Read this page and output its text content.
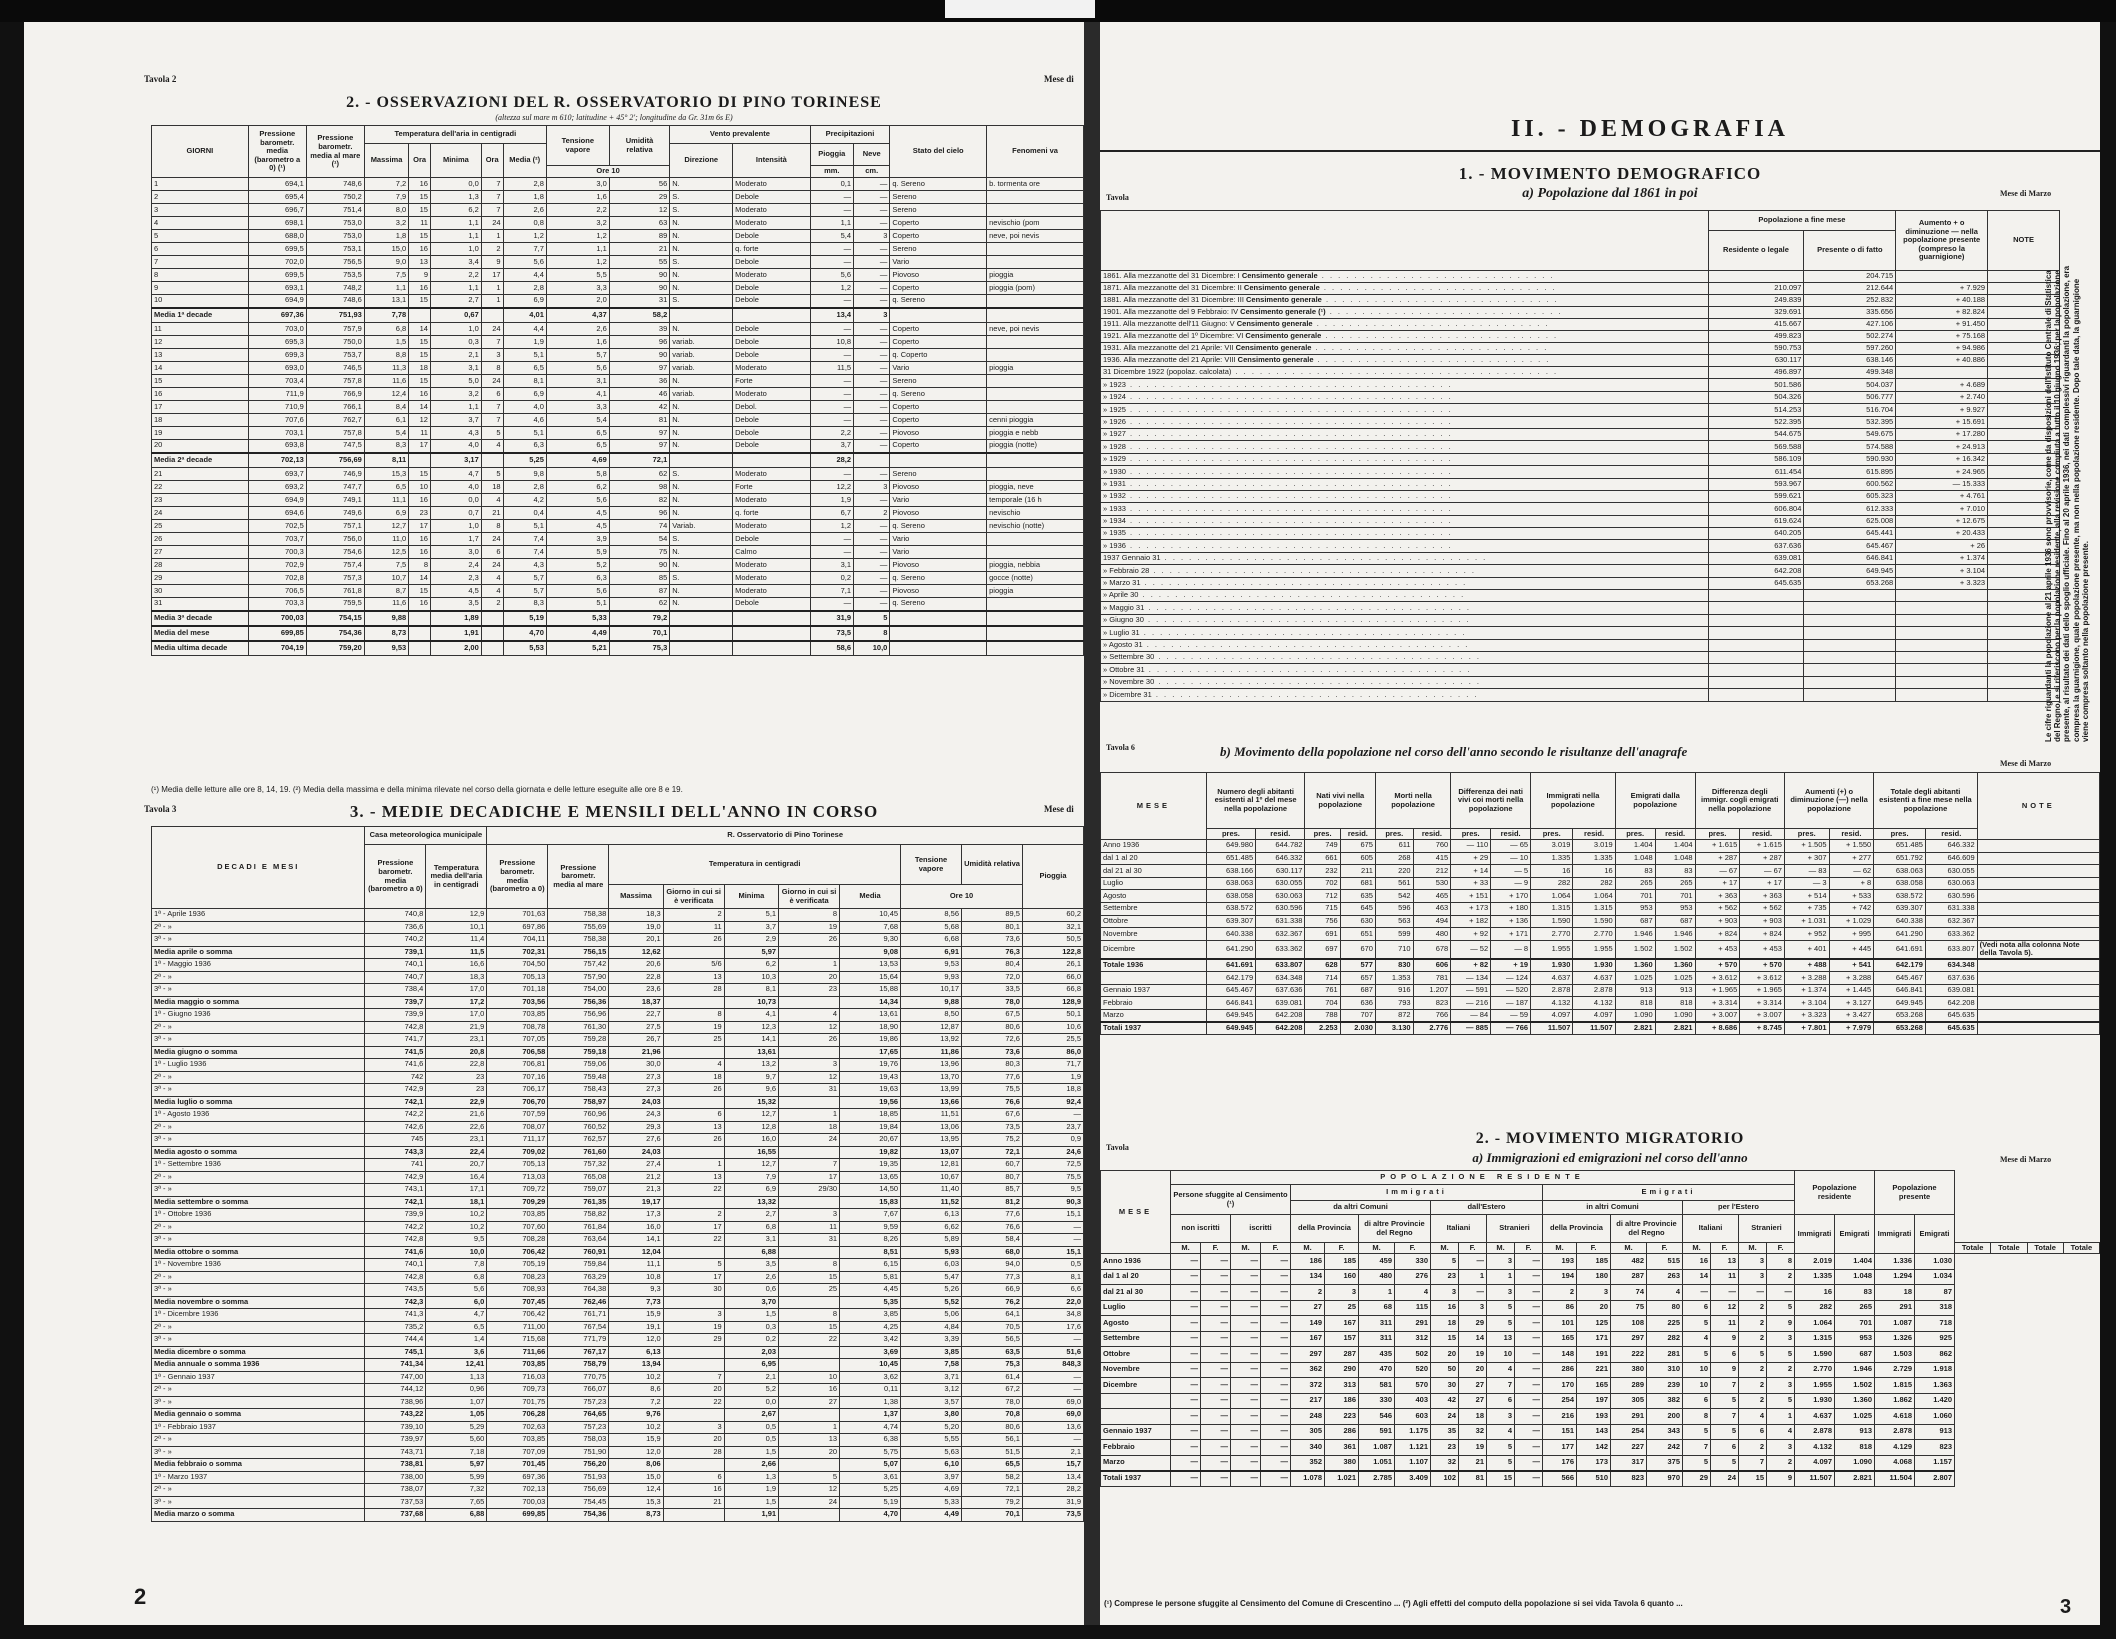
Tavola 2	Mese di
2. - OSSERVAZIONI DEL R. OSSERVATORIO DI PINO TORINESE
(altezza sul mare m 610; latitudine + 45° 2'; longitudine da Gr. 31m 6s E)
GIORNI	Pressione barometr. media (barometro a 0) (¹)	Pressione barometr. media al mare (¹)	Temperatura dell'aria in centigradi					Tensione vapore	Umidità relativa	Vento prevalente		Precipitazioni		Stato del cielo	Fenomeni va
			Massima	Ora	Minima	Ora	Media (²)			Direzione	Intensità	Pioggia	Neve		
								Ore 10				mm.	cm.		
1	694,1	748,6	7,2	16	0,0	7	2,8	3,0	56	N.	Moderato	0,1	—	q. Sereno	b. tormenta ore
2	695,4	750,2	7,9	15	1,3	7	1,8	1,6	29	S.	Debole	—	—	Sereno	
3	696,7	751,4	8,0	15	6,2	7	2,6	2,2	12	S.	Moderato	—	—	Sereno	
4	698,1	753,0	3,2	11	1,1	24	0,8	3,2	63	N.	Moderato	1,1	—	Coperto	nevischio (pom
5	688,0	753,0	1,8	15	1,1	1	1,2	1,2	89	N.	Debole	5,4	3	Coperto	neve, poi nevis
6	699,5	753,1	15,0	16	1,0	2	7,7	1,1	21	N.	q. forte	—	—	Sereno	
7	702,0	756,5	9,0	13	3,4	9	5,6	1,2	55	S.	Debole	—	—	Vario	
8	699,5	753,5	7,5	9	2,2	17	4,4	5,5	90	N.	Moderato	5,6	—	Piovoso	pioggia
9	693,1	748,2	1,1	16	1,1	1	2,8	3,3	90	N.	Debole	1,2	—	Coperto	pioggia (pom)
10	694,9	748,6	13,1	15	2,7	1	6,9	2,0	31	S.	Debole	—	—	q. Sereno	
Media 1ª decade	697,36	751,93	7,78		0,67		4,01	4,37	58,2			13,4	3		
11	703,0	757,9	6,8	14	1,0	24	4,4	2,6	39	N.	Debole	—	—	Coperto	neve, poi nevis
12	695,3	750,0	1,5	15	0,3	7	1,9	1,6	96	variab.	Debole	10,8	—	Coperto	
13	699,3	753,7	8,8	15	2,1	3	5,1	5,7	90	variab.	Debole	—	—	q. Coperto	
14	693,0	746,5	11,3	18	3,1	8	6,5	5,6	97	variab.	Moderato	11,5	—	Vario	pioggia
15	703,4	757,8	11,6	15	5,0	24	8,1	3,1	36	N.	Forte	—	—	Sereno	
16	711,9	766,9	12,4	16	3,2	6	6,9	4,1	46	variab.	Moderato	—	—	q. Sereno	
17	710,9	766,1	8,4	14	1,1	7	4,0	3,3	42	N.	Debol.	—	—	Coperto	
18	707,6	762,7	6,1	12	3,7	7	4,6	5,4	81	N.	Debole	—	—	Coperto	cenni pioggia
19	703,1	757,8	5,4	11	4,3	5	5,1	6,5	97	N.	Debole	2,2	—	Piovoso	pioggia e nebb
20	693,8	747,5	8,3	17	4,0	4	6,3	6,5	97	N.	Debole	3,7	—	Coperto	pioggia (notte)
Media 2ª decade	702,13	756,69	8,11		3,17		5,25	4,69	72,1			28,2			
21	693,7	746,9	15,3	15	4,7	5	9,8	5,8	62	S.	Moderato	—	—	Sereno	
22	693,2	747,7	6,5	10	4,0	18	2,8	6,2	98	N.	Forte	12,2	3	Piovoso	pioggia, neve
23	694,9	749,1	11,1	16	0,0	4	4,2	5,6	82	N.	Moderato	1,9	—	Vario	temporale (16 h
24	694,6	749,6	6,9	23	0,7	21	0,4	4,5	96	N.	q. forte	6,7	2	Piovoso	nevischio
25	702,5	757,1	12,7	17	1,0	8	5,1	4,5	74	Variab.	Moderato	1,2	—	q. Sereno	nevischio (notte)
26	703,7	756,0	11,0	16	1,7	24	7,4	3,9	54	S.	Debole	—	—	Vario	
27	700,3	754,6	12,5	16	3,0	6	7,4	5,9	75	N.	Calmo	—	—	Vario	
28	702,9	757,4	7,5	8	2,4	24	4,3	5,2	90	N.	Moderato	3,1	—	Piovoso	pioggia, nebbia
29	702,8	757,3	10,7	14	2,3	4	5,7	6,3	85	S.	Moderato	0,2	—	q. Sereno	gocce (notte)
30	706,5	761,8	8,7	15	4,5	4	5,7	5,6	87	N.	Moderato	7,1	—	Piovoso	pioggia
31	703,3	759,5	11,6	16	3,5	2	8,3	5,1	62	N.	Debole	—	—	q. Sereno	
Media 3ª decade	700,03	754,15	9,88		1,89		5,19	5,33	79,2			31,9	5		
Media del mese	699,85	754,36	8,73		1,91		4,70	4,49	70,1			73,5	8		
Media ultima decade	704,19	759,20	9,53		2,00		5,53	5,21	75,3			58,6	10,0		
(¹) Media delle letture alle ore 8, 14, 19. (²) Media della massima e della minima rilevate nel corso della giornata e delle letture eseguite alle ore 8 e 19.
Tavola 3	Mese di
3. - MEDIE DECADICHE E MENSILI DELL'ANNO IN CORSO
DECADI E MESI	Casa meteorologica municipale		R. Osservatorio di Pino Torinese									
	Pressione barometr. media (barometro a 0)	Temperatura media dell'aria in centigradi	Pressione barometr. media (barometro a 0)	Pressione barometr. media al mare	Temperatura in centigradi					Tensione vapore	Umidità relativa	Pioggia
					Massima	Giorno in cui si è verificata	Minima	Giorno in cui si è verificata	Media	Ore 10		
1ª - Aprile 1936	740,8	12,9	701,63	758,38	18,3	2	5,1	8	10,45	8,56	89,5	60,2
2ª - »	736,6	10,1	697,86	755,69	19,0	11	3,7	19	7,68	5,68	80,1	32,1
3ª - »	740,2	11,4	704,11	758,38	20,1	26	2,9	26	9,30	6,68	73,6	50,5
Media aprile o somma	739,1	11,5	702,31	756,15	12,62		5,97		9,08	6,91	76,3	122,8
1ª - Maggio 1936	740,1	16,6	704,50	757,42	20,6	5/6	6,2	1	13,53	9,53	80,4	26,1
2ª - »	740,7	18,3	705,13	757,90	22,8	13	10,3	20	15,64	9,93	72,0	66,0
3ª - »	738,4	17,0	701,18	754,00	23,6	28	8,1	23	15,88	10,17	33,5	66,8
Media maggio o somma	739,7	17,2	703,56	756,36	18,37		10,73		14,34	9,88	78,0	128,9
1ª - Giugno 1936	739,9	17,0	703,85	756,96	22,7	8	4,1	4	13,61	8,50	67,5	50,1
2ª - »	742,8	21,9	708,78	761,30	27,5	19	12,3	12	18,90	12,87	80,6	10,6
3ª - »	741,7	23,1	707,05	759,28	26,7	25	14,1	26	19,86	13,92	72,6	25,5
Media giugno o somma	741,5	20,8	706,58	759,18	21,96		13,61		17,65	11,86	73,6	86,0
1ª - Luglio 1936	741,6	22,8	706,81	759,06	30,0	4	13,2	3	19,76	13,96	80,3	71,7
2ª - »	742	23	707,16	759,48	27,3	18	9,7	12	19,43	13,70	77,6	1,9
3ª - »	742,9	23	706,17	758,43	27,3	26	9,6	31	19,63	13,99	75,5	18,8
Media luglio o somma	742,1	22,9	706,70	758,97	24,03		15,32		19,56	13,66	76,6	92,4
1ª - Agosto 1936	742,2	21,6	707,59	760,96	24,3	6	12,7	1	18,85	11,51	67,6	—
2ª - »	742,6	22,6	708,07	760,52	29,3	13	12,8	18	19,84	13,06	73,5	23,7
3ª - »	745	23,1	711,17	762,57	27,6	26	16,0	24	20,67	13,95	75,2	0,9
Media agosto o somma	743,3	22,4	709,02	761,60	24,03		16,55		19,82	13,07	72,1	24,6
1ª - Settembre 1936	741	20,7	705,13	757,32	27,4	1	12,7	7	19,35	12,81	60,7	72,5
2ª - »	742,9	16,4	713,03	765,08	21,2	13	7,9	17	13,65	10,67	80,7	75,5
3ª - »	743,1	17,1	709,72	759,07	21,3	22	6,9	29/30	14,50	11,40	85,7	9,5
Media settembre o somma	742,1	18,1	709,29	761,35	19,17		13,32		15,83	11,52	81,2	90,3
1ª - Ottobre 1936	739,9	10,2	703,85	758,82	17,3	2	2,7	3	7,67	6,13	77,6	15,1
2ª - »	742,2	10,2	707,60	761,84	16,0	17	6,8	11	9,59	6,62	76,6	—
3ª - »	742,8	9,5	708,28	763,64	14,1	22	3,1	31	8,26	5,89	58,4	—
Media ottobre o somma	741,6	10,0	706,42	760,91	12,04		6,88		8,51	5,93	68,0	15,1
1ª - Novembre 1936	740,1	7,8	705,19	759,84	11,1	5	3,5	8	6,15	6,03	94,0	0,5
2ª - »	742,8	6,8	708,23	763,29	10,8	17	2,6	15	5,81	5,47	77,3	8,1
3ª - »	743,5	5,6	708,93	764,38	9,3	30	0,6	25	4,45	5,26	66,9	6,6
Media novembre o somma	742,3	6,0	707,45	762,46	7,73		3,70		5,35	5,52	76,2	22,0
1ª - Dicembre 1936	741,3	4,7	706,42	761,71	15,9	3	1,5	8	3,85	5,06	64,1	34,8
2ª - »	735,2	6,5	711,00	767,54	19,1	19	0,3	15	4,25	4,84	70,5	17,6
3ª - »	744,4	1,4	715,68	771,79	12,0	29	0,2	22	3,42	3,39	56,5	—
Media dicembre o somma	745,1	3,6	711,66	767,17	6,13		2,03		3,69	3,85	63,5	51,6
Media annuale o somma 1936	741,34	12,41	703,85	758,79	13,94		6,95		10,45	7,58	75,3	848,3
1ª - Gennaio 1937	747,00	1,13	716,03	770,75	10,2	7	2,1	10	3,62	3,71	61,4	—
2ª - »	744,12	0,96	709,73	766,07	8,6	20	5,2	16	0,11	3,12	67,2	—
3ª - »	738,96	1,07	701,75	757,23	7,2	22	0,0	27	1,38	3,57	78,0	69,0
Media gennaio o somma	743,22	1,05	706,28	764,65	9,76		2,67		1,37	3,80	70,8	69,0
1ª - Febbraio 1937	739,10	5,29	702,63	757,23	10,2	3	0,5	1	4,74	5,20	80,6	13,6
2ª - »	739,97	5,60	703,85	758,03	15,9	20	0,5	13	6,38	5,55	56,1	—
3ª - »	743,71	7,18	707,09	751,90	12,0	28	1,5	20	5,75	5,63	51,5	2,1
Media febbraio o somma	738,81	5,97	701,45	756,20	8,06		2,66		5,07	6,10	65,5	15,7
1ª - Marzo 1937	738,00	5,99	697,36	751,93	15,0	6	1,3	5	3,61	3,97	58,2	13,4
2ª - »	738,07	7,32	702,13	756,69	12,4	16	1,9	12	5,25	4,69	72,1	28,2
3ª - »	737,53	7,65	700,03	754,45	15,3	21	1,5	24	5,19	5,33	79,2	31,9
Media marzo o somma	737,68	6,88	699,85	754,36	8,73		1,91		4,70	4,49	70,1	73,5
2
II. - DEMOGRAFIA
Tavola
1. - MOVIMENTO DEMOGRAFICO
a) Popolazione dal 1861 in poi	Mese di Marzo
	Popolazione a fine mese		Aumento + o diminuzione — nella popolazione presente (compreso la guarnigione)	NOTE
	Residente o legale	Presente o di fatto		
1861. Alla mezzanotte del 31 Dicembre: I Censimento generale . . . . . . . . . . . . . . . . . . . . . . . . . . . . .		204.715		
1871. Alla mezzanotte del 31 Dicembre: II Censimento generale . . . . . . . . . . . . . . . . . . . . . . . . . . . . .	210.097	212.644	+ 7.929	
1881. Alla mezzanotte del 31 Dicembre: III Censimento generale . . . . . . . . . . . . . . . . . . . . . . . . . . . . .	249.839	252.832	+ 40.188	
1901. Alla mezzanotte del 9 Febbraio: IV Censimento generale (¹) . . . . . . . . . . . . . . . . . . . . . . . . . . . . .	329.691	335.656	+ 82.824	
1911. Alla mezzanotte dell'11 Giugno: V Censimento generale . . . . . . . . . . . . . . . . . . . . . . . . . . . . .	415.667	427.106	+ 91.450	
1921. Alla mezzanotte del 1º Dicembre: VI Censimento generale . . . . . . . . . . . . . . . . . . . . . . . . . . . . .	499.823	502.274	+ 75.168	
1931. Alla mezzanotte del 21 Aprile: VII Censimento generale . . . . . . . . . . . . . . . . . . . . . . . . . . . . .	590.753	597.260	+ 94.986	
1936. Alla mezzanotte del 21 Aprile: VIII Censimento generale . . . . . . . . . . . . . . . . . . . . . . . . . . . . .	630.117	638.146	+ 40.886	
31 Dicembre 1922 (popolaz. calcolata) . . . . . . . . . . . . . . . . . . . . . . . . . . . . . . . . . . . . . . . .	496.897	499.348		
» 1923 . . . . . . . . . . . . . . . . . . . . . . . . . . . . . . . . . . . . . . . .	501.586	504.037	+ 4.689	
» 1924 . . . . . . . . . . . . . . . . . . . . . . . . . . . . . . . . . . . . . . . .	504.326	506.777	+ 2.740	
» 1925 . . . . . . . . . . . . . . . . . . . . . . . . . . . . . . . . . . . . . . . .	514.253	516.704	+ 9.927	
» 1926 . . . . . . . . . . . . . . . . . . . . . . . . . . . . . . . . . . . . . . . .	522.395	532.395	+ 15.691	
» 1927 . . . . . . . . . . . . . . . . . . . . . . . . . . . . . . . . . . . . . . . .	544.675	549.675	+ 17.280	
» 1928 . . . . . . . . . . . . . . . . . . . . . . . . . . . . . . . . . . . . . . . .	569.588	574.588	+ 24.913	
» 1929 . . . . . . . . . . . . . . . . . . . . . . . . . . . . . . . . . . . . . . . .	586.109	590.930	+ 16.342	
» 1930 . . . . . . . . . . . . . . . . . . . . . . . . . . . . . . . . . . . . . . . .	611.454	615.895	+ 24.965	
» 1931 . . . . . . . . . . . . . . . . . . . . . . . . . . . . . . . . . . . . . . . .	593.967	600.562	— 15.333	
» 1932 . . . . . . . . . . . . . . . . . . . . . . . . . . . . . . . . . . . . . . . .	599.621	605.323	+ 4.761	
» 1933 . . . . . . . . . . . . . . . . . . . . . . . . . . . . . . . . . . . . . . . .	606.804	612.333	+ 7.010	
» 1934 . . . . . . . . . . . . . . . . . . . . . . . . . . . . . . . . . . . . . . . .	619.624	625.008	+ 12.675	
» 1935 . . . . . . . . . . . . . . . . . . . . . . . . . . . . . . . . . . . . . . . .	640.205	645.441	+ 20.433	
» 1936 . . . . . . . . . . . . . . . . . . . . . . . . . . . . . . . . . . . . . . . .	637.636	645.467	+ 26	
1937 Gennaio 31 . . . . . . . . . . . . . . . . . . . . . . . . . . . . . . . . . . . . . . . .	639.081	646.841	+ 1.374	
» Febbraio 28 . . . . . . . . . . . . . . . . . . . . . . . . . . . . . . . . . . . . . . . .	642.208	649.945	+ 3.104	
» Marzo 31 . . . . . . . . . . . . . . . . . . . . . . . . . . . . . . . . . . . . . . . .	645.635	653.268	+ 3.323	
» Aprile 30 . . . . . . . . . . . . . . . . . . . . . . . . . . . . . . . . . . . . . . . .				
» Maggio 31 . . . . . . . . . . . . . . . . . . . . . . . . . . . . . . . . . . . . . . . .				
» Giugno 30 . . . . . . . . . . . . . . . . . . . . . . . . . . . . . . . . . . . . . . . .				
» Luglio 31 . . . . . . . . . . . . . . . . . . . . . . . . . . . . . . . . . . . . . . . .				
» Agosto 31 . . . . . . . . . . . . . . . . . . . . . . . . . . . . . . . . . . . . . . . .				
» Settembre 30 . . . . . . . . . . . . . . . . . . . . . . . . . . . . . . . . . . . . . . . .				
» Ottobre 31 . . . . . . . . . . . . . . . . . . . . . . . . . . . . . . . . . . . . . . . .				
» Novembre 30 . . . . . . . . . . . . . . . . . . . . . . . . . . . . . . . . . . . . . . . .				
» Dicembre 31 . . . . . . . . . . . . . . . . . . . . . . . . . . . . . . . . . . . . . . . .					Le cifre riguardanti la popolazione al 21 aprile 1936 sono provvisorie, come da disposizioni dell'Istituto Centrale di Statistica del Regno, e si riferiscono per la popolazione residente, alla revisione compiuta a tutto il 10 giugno 1936; per la popolazione presente, al risultato dei dati dello spoglio ufficiale. Fino al 20 aprile 1936, nei dati complessivi riguardanti la popolazione, era compresa la guarnigione, quale popolazione presente, ma non nella popolazione residente. Dopo tale data, la guarnigione viene compresa soltanto nella popolazione presente.
Tavola 6	b) Movimento della popolazione nel corso dell'anno secondo le risultanze dell'anagrafe
Mese di Marzo
MESE	Numero degli abitanti esistenti al 1º del mese nella popolazione		Nati vivi nella popolazione		Morti nella popolazione		Differenza dei nati vivi coi morti nella popolazione		Immigrati nella popolazione		Emigrati dalla popolazione		Differenza degli immigr. cogli emigrati nella popolazione		Aumenti (+) o diminuzione (—) nella popolazione		Totale degli abitanti esistenti a fine mese nella popolazione		NOTE
	pres.	resid.	pres.	resid.	pres.	resid.	pres.	resid.	pres.	resid.	pres.	resid.	pres.	resid.	pres.	resid.	pres.	resid.	
Anno 1936	649.980	644.782	749	675	611	760	— 110	— 65	3.019	3.019	1.404	1.404	+ 1.615	+ 1.615	+ 1.505	+ 1.550	651.485	646.332	
dal 1 al 20	651.485	646.332	661	605	268	415	+ 29	— 10	1.335	1.335	1.048	1.048	+ 287	+ 287	+ 307	+ 277	651.792	646.609	
dal 21 al 30	638.166	630.117	232	211	220	212	+ 14	— 5	16	16	83	83	— 67	— 67	— 83	— 62	638.063	630.055	
Luglio	638.063	630.055	702	681	561	530	+ 33	— 9	282	282	265	265	+ 17	+ 17	— 3	+ 8	638.058	630.063	
Agosto	638.058	630.063	712	635	542	465	+ 151	+ 170	1.064	1.064	701	701	+ 363	+ 363	+ 514	+ 533	638.572	630.596	
Settembre	638.572	630.596	715	645	596	463	+ 173	+ 180	1.315	1.315	953	953	+ 562	+ 562	+ 735	+ 742	639.307	631.338	
Ottobre	639.307	631.338	756	630	563	494	+ 182	+ 136	1.590	1.590	687	687	+ 903	+ 903	+ 1.031	+ 1.029	640.338	632.367	
Novembre	640.338	632.367	691	651	599	480	+ 92	+ 171	2.770	2.770	1.946	1.946	+ 824	+ 824	+ 952	+ 995	641.290	633.362	
Dicembre	641.290	633.362	697	670	710	678	— 52	— 8	1.955	1.955	1.502	1.502	+ 453	+ 453	+ 401	+ 445	641.691	633.807	(Vedi nota alla colonna Note della Tavola 5).
Totale 1936	641.691	633.807	628	577	830	606	+ 82	+ 19	1.930	1.930	1.360	1.360	+ 570	+ 570	+ 488	+ 541	642.179	634.348	
	642.179	634.348	714	657	1.353	781	— 134	— 124	4.637	4.637	1.025	1.025	+ 3.612	+ 3.612	+ 3.288	+ 3.288	645.467	637.636	
Gennaio 1937	645.467	637.636	761	687	916	1.207	— 591	— 520	2.878	2.878	913	913	+ 1.965	+ 1.965	+ 1.374	+ 1.445	646.841	639.081	
Febbraio	646.841	639.081	704	636	793	823	— 216	— 187	4.132	4.132	818	818	+ 3.314	+ 3.314	+ 3.104	+ 3.127	649.945	642.208	
Marzo	649.945	642.208	788	707	872	766	— 84	— 59	4.097	4.097	1.090	1.090	+ 3.007	+ 3.007	+ 3.323	+ 3.427	653.268	645.635	
Totali 1937	649.945	642.208	2.253	2.030	3.130	2.776	— 885	— 766	11.507	11.507	2.821	2.821	+ 8.686	+ 8.745	+ 7.801	+ 7.979	653.268	645.635	
Tavola
2. - MOVIMENTO MIGRATORIO
a) Immigrazioni ed emigrazioni nel corso dell'anno	Mese di Marzo
MESE	POPOLAZIONE RESIDENTE																				Popolazione residente		Popolazione presente					
	Persone sfuggite al Censimento (¹)				Immigrati								Emigrati															
					da altri Comuni				dall'Estero				in altri Comuni				per l'Estero											
	non iscritti		iscritti		della Provincia		di altre Provincie del Regno		Italiani		Stranieri		della Provincia		di altre Provincie del Regno		Italiani		Stranieri		Immigrati	Emigrati	Immigrati	Emigrati				
	M.	F.	M.	F.	M.	F.	M.	F.	M.	F.	M.	F.	M.	F.	M.	F.	M.	F.	M.	F.					Totale	Totale	Totale	Totale
Anno 1936	—	—	—	—	186	185	459	330	5	—	3	—	193	185	482	515	16	13	3	8	2.019	1.404	1.336	1.030				
dal 1 al 20	—	—	—	—	134	160	480	276	23	1	1	—	194	180	287	263	14	11	3	2	1.335	1.048	1.294	1.034				
dal 21 al 30	—	—	—	—	2	3	1	4	3	—	3	—	2	3	74	4	—	—	—	—	16	83	18	87				
Luglio	—	—	—	—	27	25	68	115	16	3	5	—	86	20	75	80	6	12	2	5	282	265	291	318				
Agosto	—	—	—	—	149	167	311	291	18	29	5	—	101	125	108	225	5	11	2	9	1.064	701	1.087	718				
Settembre	—	—	—	—	167	157	311	312	15	14	13	—	165	171	297	282	4	9	2	3	1.315	953	1.326	925				
Ottobre	—	—	—	—	297	287	435	502	20	19	10	—	148	191	222	281	5	6	5	5	1.590	687	1.503	862				
Novembre	—	—	—	—	362	290	470	520	50	20	4	—	286	221	380	310	10	9	2	2	2.770	1.946	2.729	1.918				
Dicembre	—	—	—	—	372	313	581	570	30	27	7	—	170	165	289	239	10	7	2	3	1.955	1.502	1.815	1.363				
	—	—	—	—	217	186	330	403	42	27	6	—	254	197	305	382	6	5	2	5	1.930	1.360	1.862	1.420				
	—	—	—	—	248	223	546	603	24	18	3	—	216	193	291	200	8	7	4	1	4.637	1.025	4.618	1.060				
Gennaio 1937	—	—	—	—	305	286	591	1.175	35	32	4	—	151	143	254	343	5	5	6	4	2.878	913	2.878	913				
Febbraio	—	—	—	—	340	361	1.087	1.121	23	19	5	—	177	142	227	242	7	6	2	3	4.132	818	4.129	823				
Marzo	—	—	—	—	352	380	1.051	1.107	32	21	5	—	176	173	317	375	5	5	7	2	4.097	1.090	4.068	1.157				
Totali 1937	—	—	—	—	1.078	1.021	2.785	3.409	102	81	15	—	566	510	823	970	29	24	15	9	11.507	2.821	11.504	2.807				
(¹) Comprese le persone sfuggite al Censimento del Comune di Crescentino ... (²) Agli effetti del computo della popolazione si sei vida Tavola 6 quanto ...	3
